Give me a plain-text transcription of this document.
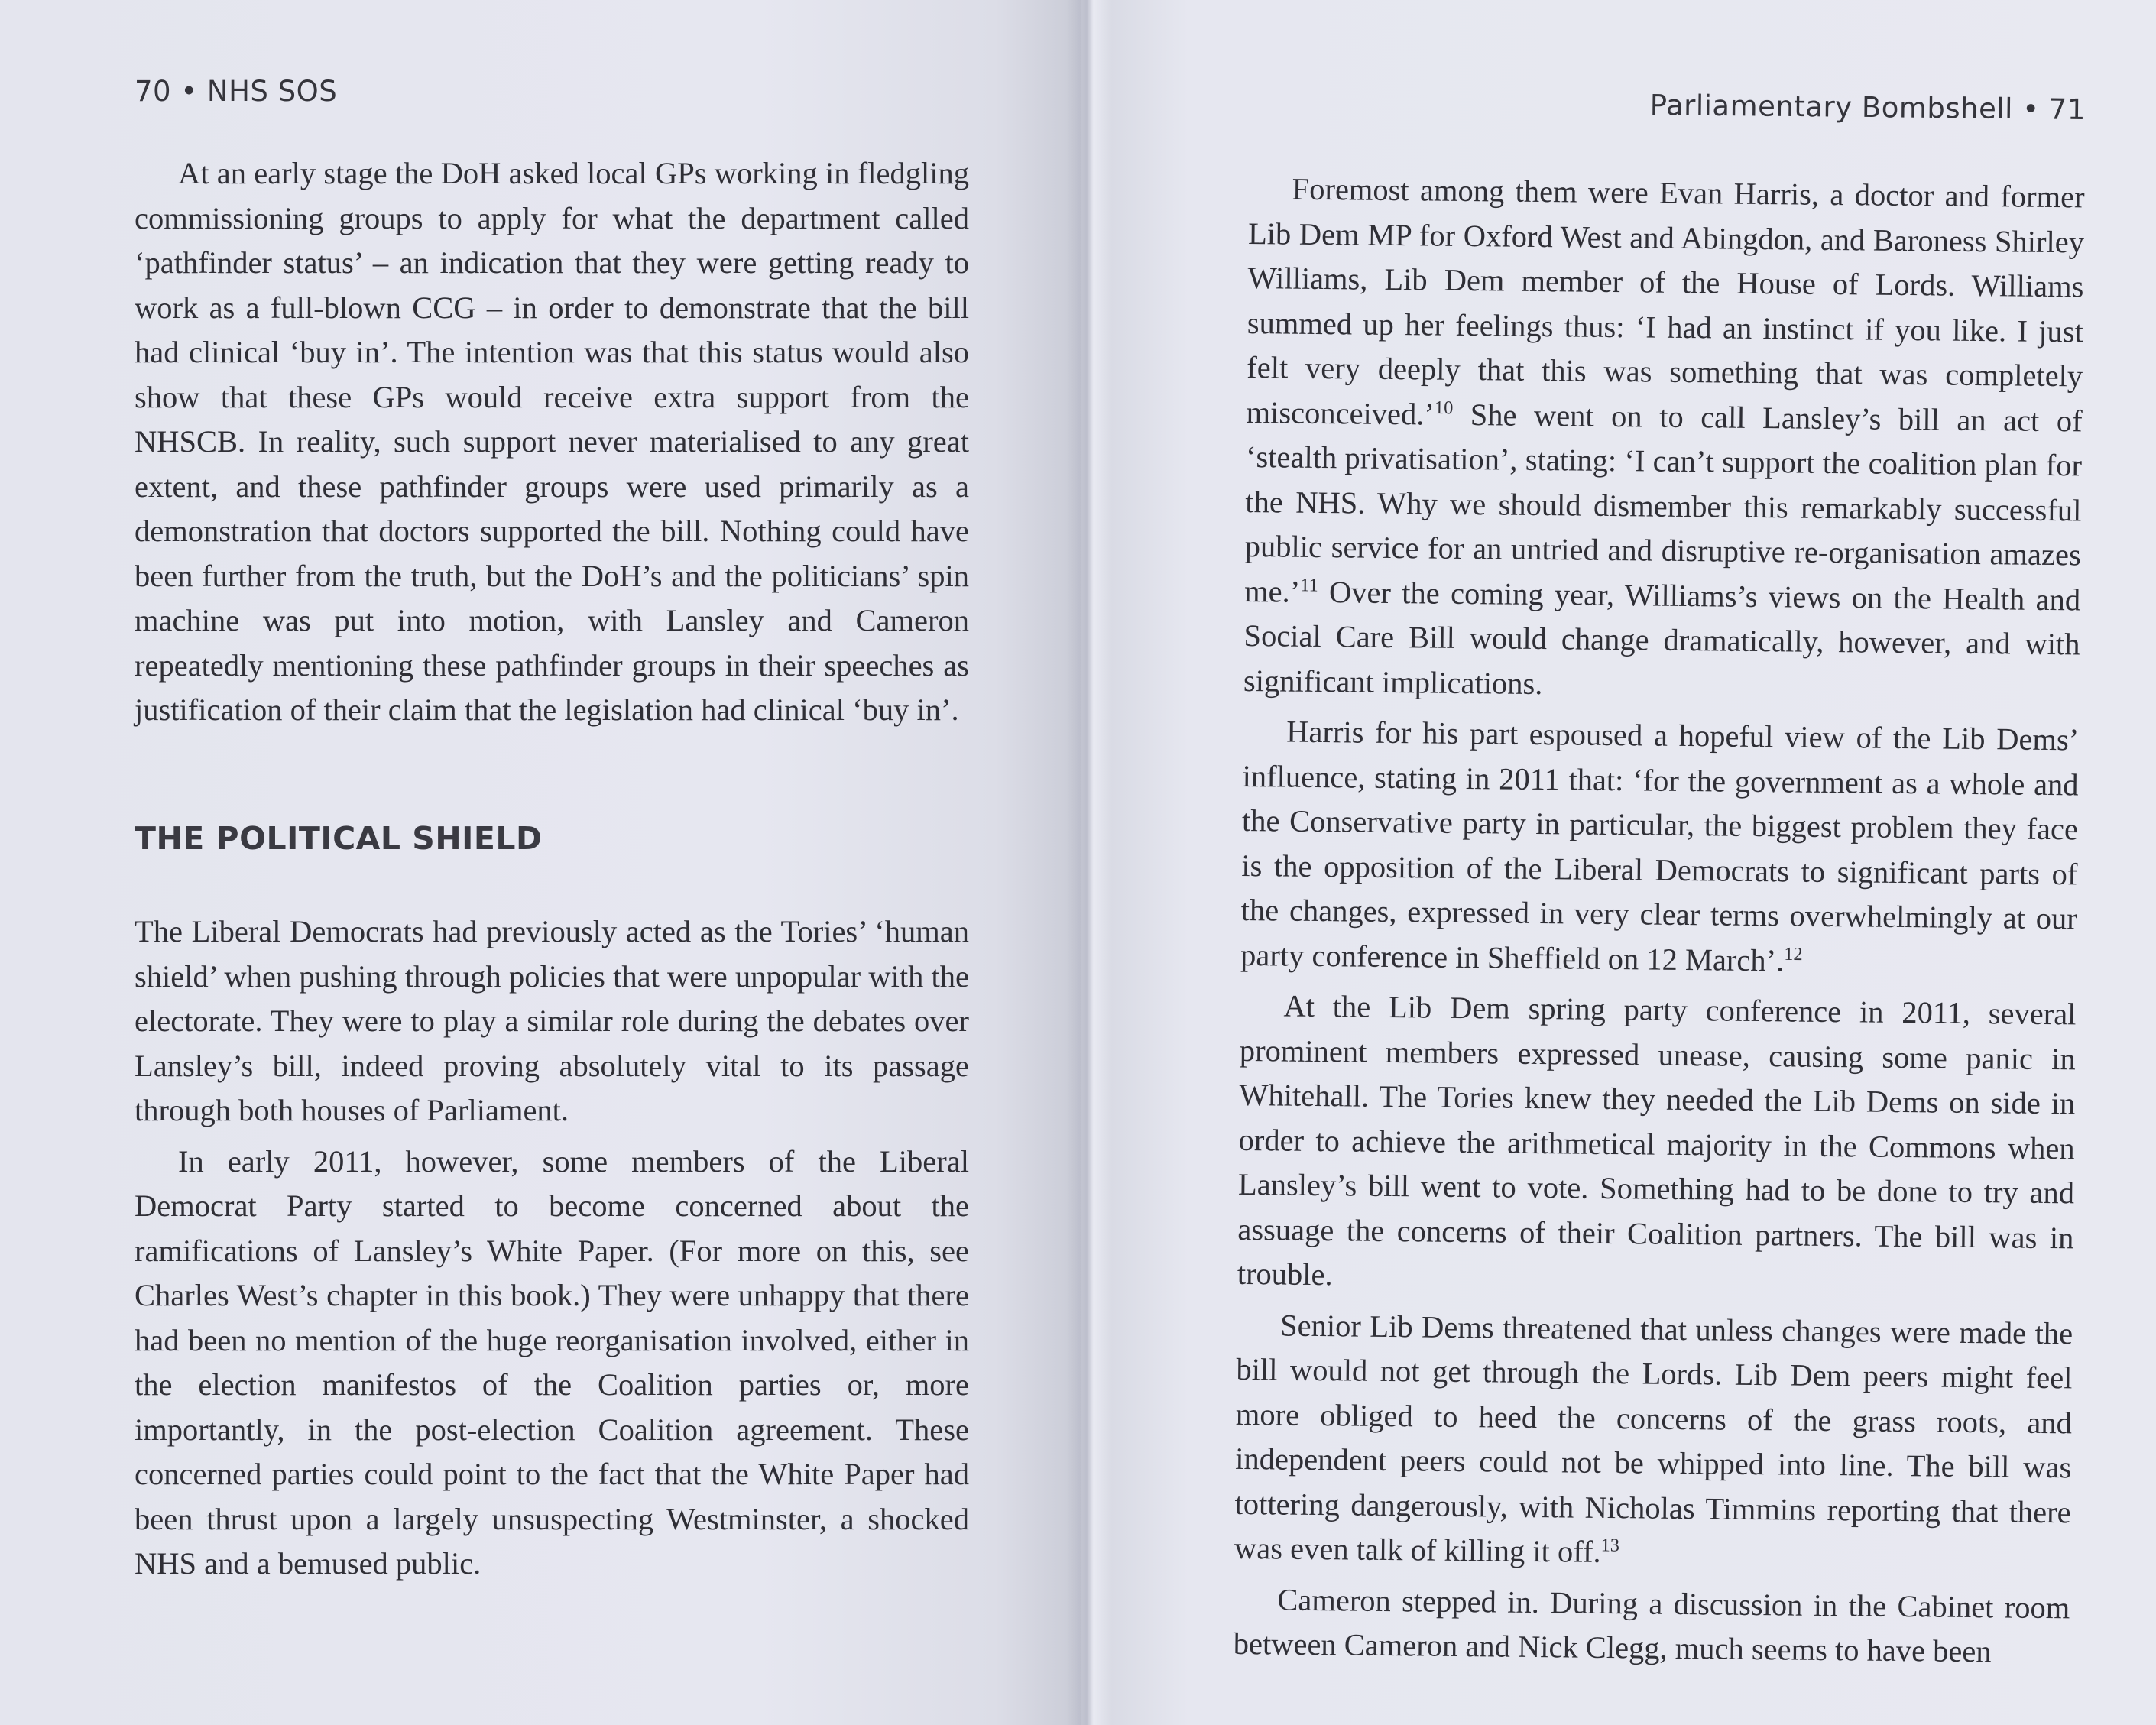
70 • NHS SOS

At an early stage the DoH asked local GPs working in fledgling commissioning groups to apply for what the department called ‘pathfinder status’ – an indication that they were getting ready to work as a full-blown CCG – in order to demonstrate that the bill had clinical ‘buy in’. The intention was that this status would also show that these GPs would receive extra support from the NHSCB. In reality, such support never materialised to any great extent, and these pathfinder groups were used primarily as a demonstration that doctors supported the bill. Nothing could have been further from the truth, but the DoH’s and the politicians’ spin machine was put into motion, with Lansley and Cameron repeatedly mentioning these pathfinder groups in their speeches as justification of their claim that the legislation had clinical ‘buy in’.

THE POLITICAL SHIELD

The Liberal Democrats had previously acted as the Tories’ ‘human shield’ when pushing through policies that were unpopular with the electorate. They were to play a similar role during the debates over Lansley’s bill, indeed proving absolutely vital to its passage through both houses of Parliament.

In early 2011, however, some members of the Liberal Democrat Party started to become concerned about the ramifications of Lansley’s White Paper. (For more on this, see Charles West’s chapter in this book.) They were unhappy that there had been no mention of the huge reorganisation involved, either in the election manifestos of the Coalition parties or, more importantly, in the post-election Coalition agreement. These concerned parties could point to the fact that the White Paper had been thrust upon a largely unsuspecting Westminster, a shocked NHS and a bemused public.

Parliamentary Bombshell • 71

Foremost among them were Evan Harris, a doctor and former Lib Dem MP for Oxford West and Abingdon, and Baroness Shirley Williams, Lib Dem member of the House of Lords. Williams summed up her feelings thus: ‘I had an instinct if you like. I just felt very deeply that this was something that was completely misconceived.’$^{10}$ She went on to call Lansley’s bill an act of ‘stealth privatisation’, stating: ‘I can’t support the coalition plan for the NHS. Why we should dismember this remarkably successful public service for an untried and disruptive re-organisation amazes me.’$^{11}$ Over the coming year, Williams’s views on the Health and Social Care Bill would change dramatically, however, and with significant implications.

Harris for his part espoused a hopeful view of the Lib Dems’ influence, stating in 2011 that: ‘for the government as a whole and the Conservative party in particular, the biggest problem they face is the opposition of the Liberal Democrats to significant parts of the changes, expressed in very clear terms overwhelmingly at our party conference in Sheffield on 12 March’.$^{12}$

At the Lib Dem spring party conference in 2011, several prominent members expressed unease, causing some panic in Whitehall. The Tories knew they needed the Lib Dems on side in order to achieve the arithmetical majority in the Commons when Lansley’s bill went to vote. Something had to be done to try and assuage the concerns of their Coalition partners. The bill was in trouble.

Senior Lib Dems threatened that unless changes were made the bill would not get through the Lords. Lib Dem peers might feel more obliged to heed the concerns of the grass roots, and independent peers could not be whipped into line. The bill was tottering dangerously, with Nicholas Timmins reporting that there was even talk of killing it off.$^{13}$

Cameron stepped in. During a discussion in the Cabinet room between Cameron and Nick Clegg, much seems to have been
